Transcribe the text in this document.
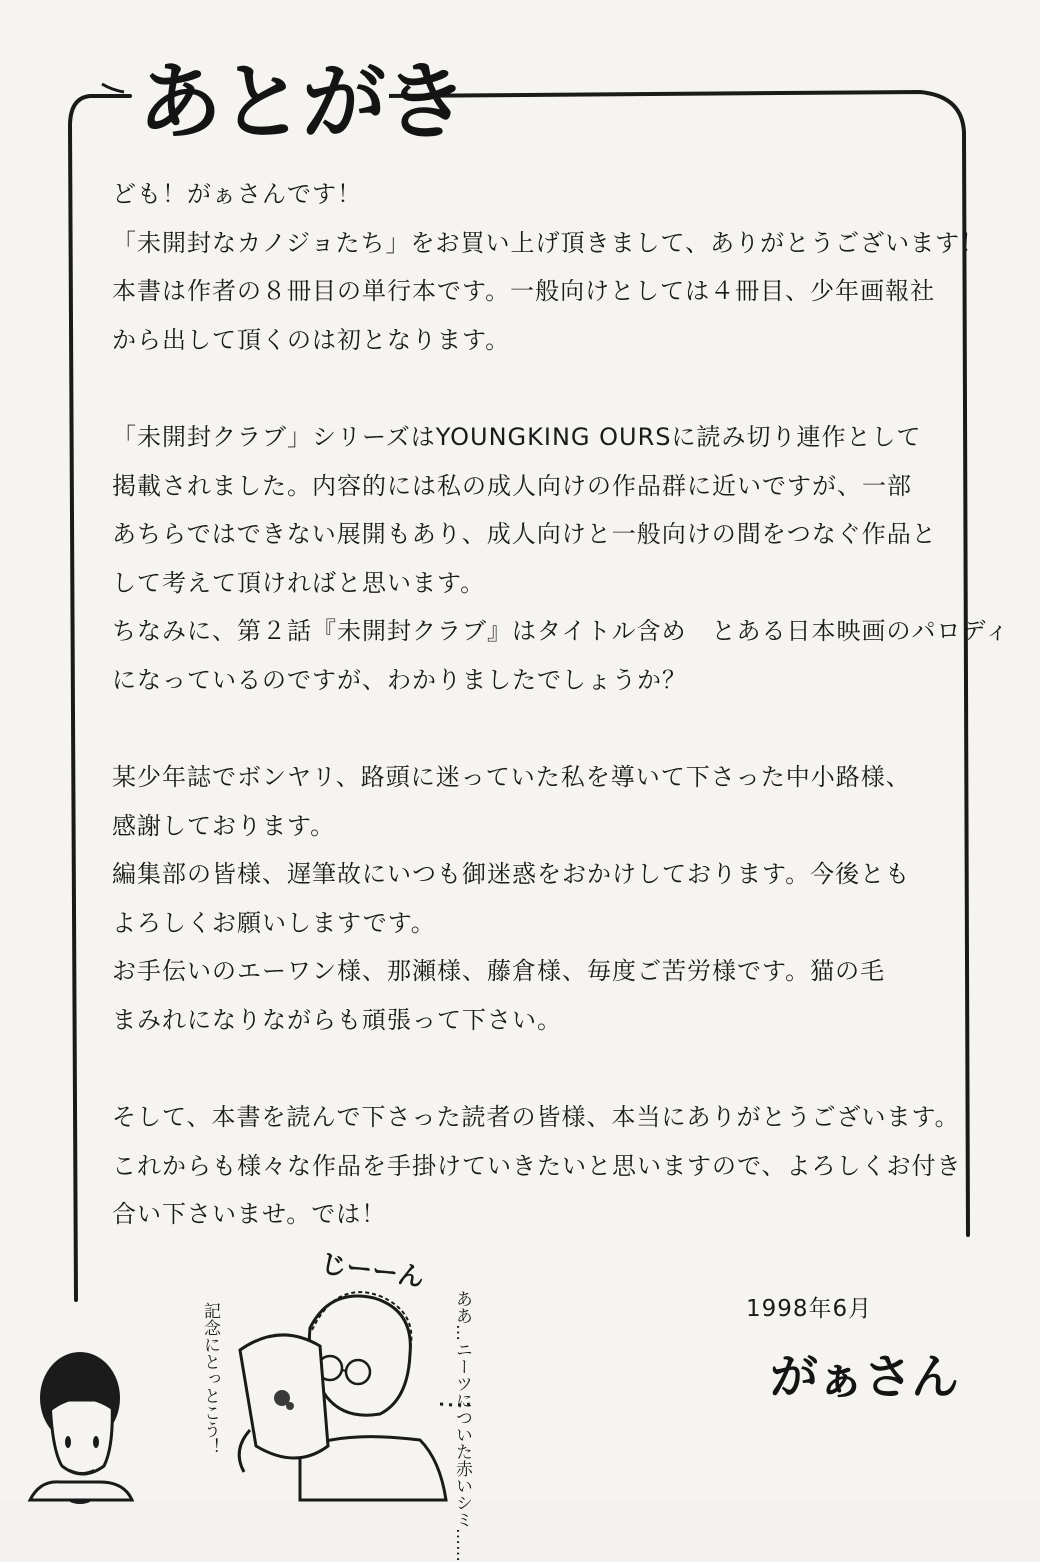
あとがき
ども！がぁさんです！
「未開封なカノジョたち」をお買い上げ頂きまして、ありがとうございます！
本書は作者の８冊目の単行本です。一般向けとしては４冊目、少年画報社
から出して頂くのは初となります。
「未開封クラブ」シリーズはYOUNGKING OURSに読み切り連作として
掲載されました。内容的には私の成人向けの作品群に近いですが、一部
あちらではできない展開もあり、成人向けと一般向けの間をつなぐ作品と
して考えて頂ければと思います。
ちなみに、第２話『未開封クラブ』はタイトル含め　とある日本映画のパロディ
になっているのですが、わかりましたでしょうか？
某少年誌でボンヤリ、路頭に迷っていた私を導いて下さった中小路様、
感謝しております。
編集部の皆様、遅筆故にいつも御迷惑をおかけしております。今後とも
よろしくお願いしますです。
お手伝いのエーワン様、那瀬様、藤倉様、毎度ご苦労様です。猫の毛
まみれになりながらも頑張って下さい。
そして、本書を読んで下さった読者の皆様、本当にありがとうございます。
これからも様々な作品を手掛けていきたいと思いますので、よろしくお付き
合い下さいませ。では！
じーーん
記念にとっとこう！	ああ…ニーツについた赤いシミ……	1998年6月
がぁさん
